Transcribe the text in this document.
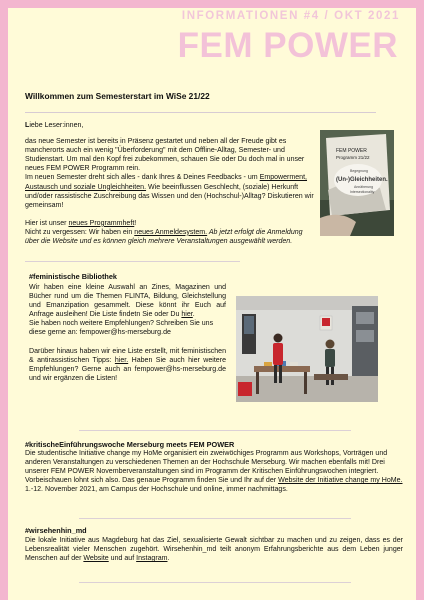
INFORMATIONEN #4 / OKT 2021
FEM POWER
Willkommen zum Semesterstart im WiSe 21/22

Liebe Leser:innen,

das neue Semester ist bereits in Präsenz gestartet und neben all der Freude gibt es mancherorts auch ein wenig "Überforderung" mit dem Offline-Alltag, Semester- und Studienstart. Um mal den Kopf frei zubekommen, schauen Sie oder Du doch mal in unser neues FEM POWER Programm rein.
Im neuen Semester dreht sich alles - dank Ihres & Deines Feedbacks - um Empowerment, Austausch und soziale Ungleichheiten. Wie beeinflussen Geschlecht, (soziale) Herkunft und/oder rassistische Zuschreibung das Wissen und den (Hochschul-)Alltag? Diskutieren wir gemeinsam!

Hier ist unser neues Programmheft!
Nicht zu vergessen: Wir haben ein neues Anmeldesystem. Ab jetzt erfolgt die Anmeldung über die Website und es können gleich mehrere Veranstaltungen ausgewählt werden.

FEM POWER
Programm 21/22
Begegnung
(Un-)Gleichheiten.
Annäherung
Intersectionality
#feministische Bibliothek

Wir haben eine kleine Auswahl an Zines, Magazinen und Bücher rund um die Themen FLINTA, Bildung, Gleichstellung und Emanzipation gesammelt. Diese könnt ihr Euch auf Anfrage ausleihen! Die Liste findetn Sie oder Du hier.

Sie haben noch weitere Empfehlungen? Schreiben Sie uns diese gerne an: fempower@hs-merseburg.de

Darüber hinaus haben wir eine Liste erstellt, mit feministischen & antirassistischen Tipps: hier. Haben Sie auch hier weitere Empfehlungen? Gerne auch an fempower@hs-merseburg.de und wir ergänzen die Listen!

#kritischeEinführungswoche Merseburg meets FEM POWER

Die studentische Initiative change my HoMe organisiert ein zweiwöchiges Programm aus Workshops, Vorträgen und anderen Veranstaltungen zu verschiedenen Themen an der Hochschule Merseburg. Wir machen ebenfalls mit! Drei unserer FEM POWER Novemberveranstaltungen sind im Programm der Kritischen Einführungswochen integriert. Vorbeischauen lohnt sich also. Das genaue Programm finden Sie und Ihr auf der Website der Initiative change my HoMe.

1.-12. November 2021, am Campus der Hochschule und online, immer nachmittags.

#wirsehenhin_md

Die lokale Initiative aus Magdeburg hat das Ziel, sexualisierte Gewalt sichtbar zu machen und zu zeigen, dass es der Lebensrealität vieler Menschen zugehört. Wirsehenhin_md teilt anonym Erfahrungsberichte aus dem Leben junger Menschen auf der Website und auf Instagram.
